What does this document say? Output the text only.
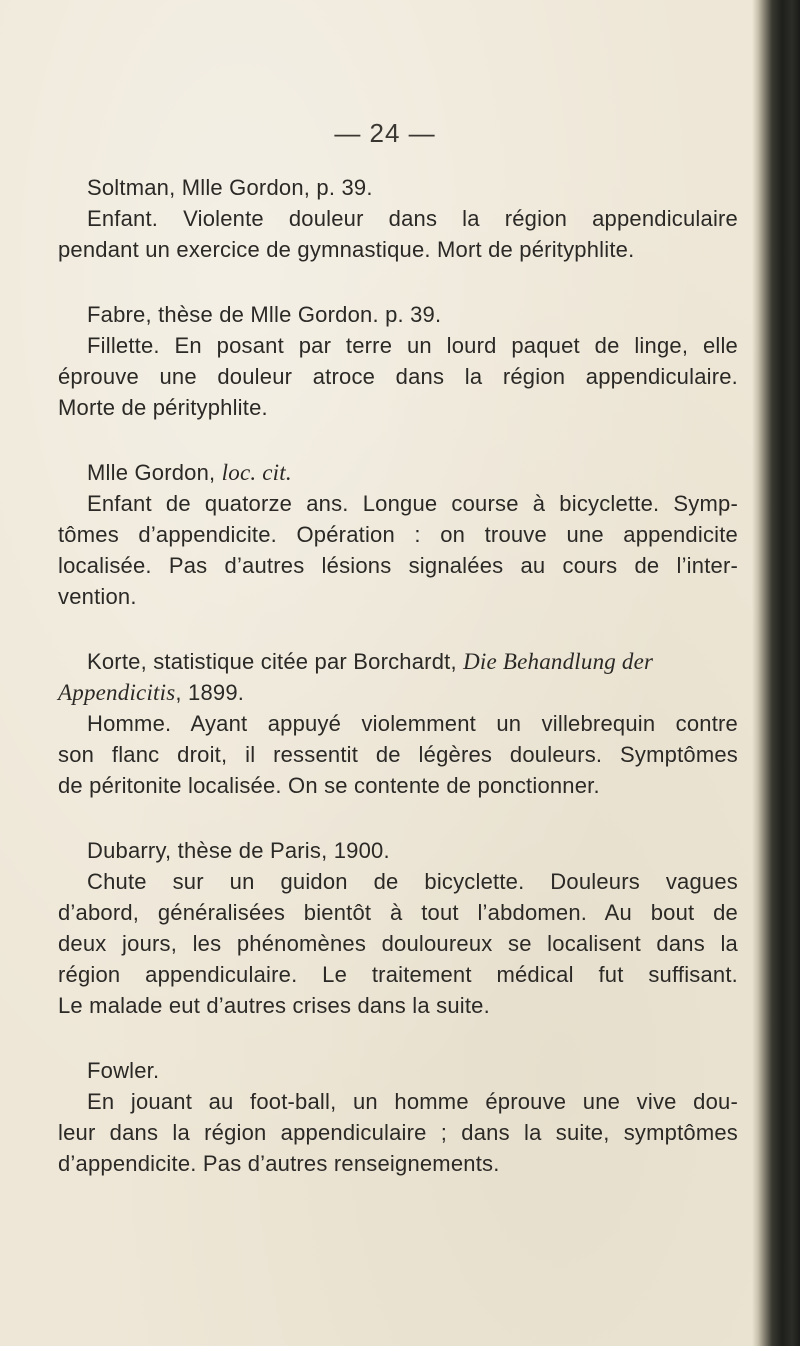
— 24 —
Soltman, Mlle Gordon, p. 39.
Enfant. Violente douleur dans la région appendiculaire
pendant un exercice de gymnastique. Mort de pérityphlite.
Fabre, thèse de Mlle Gordon. p. 39.
Fillette. En posant par terre un lourd paquet de linge, elle
éprouve une douleur atroce dans la région appendiculaire.
Morte de pérityphlite.
Mlle Gordon, loc. cit.
Enfant de quatorze ans. Longue course à bicyclette. Symp-
tômes d’appendicite. Opération : on trouve une appendicite
localisée. Pas d’autres lésions signalées au cours de l’inter-
vention.
Korte, statistique citée par Borchardt, Die Behandlung der
Appendicitis, 1899.
Homme. Ayant appuyé violemment un villebrequin contre
son flanc droit, il ressentit de légères douleurs. Symptômes
de péritonite localisée. On se contente de ponctionner.
Dubarry, thèse de Paris, 1900.
Chute sur un guidon de bicyclette. Douleurs vagues
d’abord, généralisées bientôt à tout l’abdomen. Au bout de
deux jours, les phénomènes douloureux se localisent dans la
région appendiculaire. Le traitement médical fut suffisant.
Le malade eut d’autres crises dans la suite.
Fowler.
En jouant au foot-ball, un homme éprouve une vive dou-
leur dans la région appendiculaire ; dans la suite, symptômes
d’appendicite. Pas d’autres renseignements.
